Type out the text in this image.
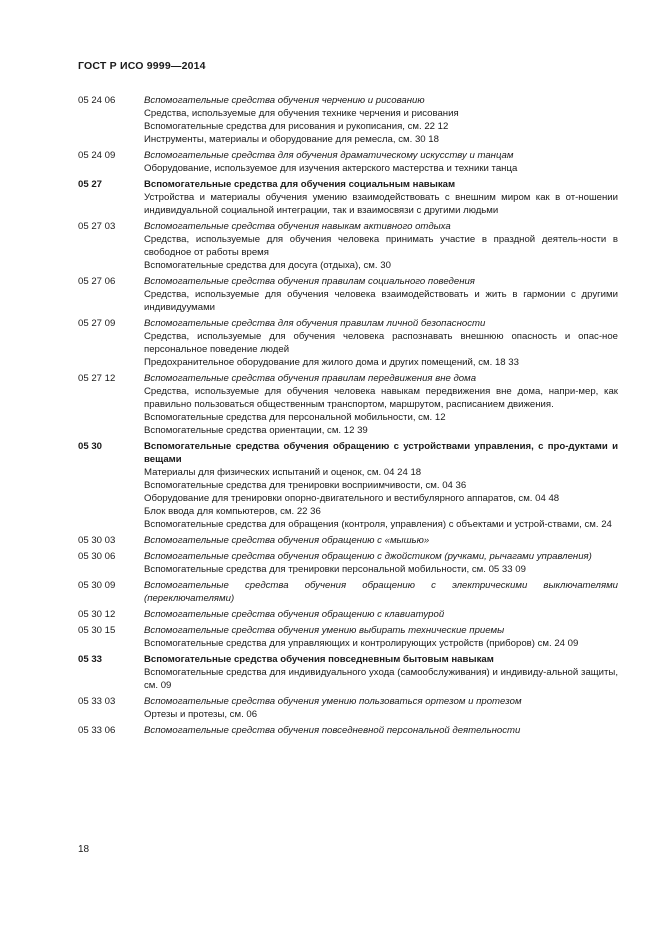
ГОСТ Р ИСО 9999—2014
05 24 06	Вспомогательные средства обучения черчению и рисованию
Средства, используемые для обучения технике черчения и рисования
Вспомогательные средства для рисования и рукописания, см. 22 12
Инструменты, материалы и оборудование для ремесла, см. 30 18
05 24 09	Вспомогательные средства для обучения драматическому искусству и танцам
Оборудование, используемое для изучения актерского мастерства и техники танца
05 27	Вспомогательные средства для обучения социальным навыкам
Устройства и материалы обучения умению взаимодействовать с внешним миром как в от-ношении индивидуальной социальной интеграции, так и взаимосвязи с другими людьми
05 27 03	Вспомогательные средства обучения навыкам активного отдыха
Средства, используемые для обучения человека принимать участие в праздной деятель-ности в свободное от работы время
Вспомогательные средства для досуга (отдыха), см. 30
05 27 06	Вспомогательные средства обучения правилам социального поведения
Средства, используемые для обучения человека взаимодействовать и жить в гармонии с другими индивидуумами
05 27 09	Вспомогательные средства для обучения правилам личной безопасности
Средства, используемые для обучения человека распознавать внешнюю опасность и опас-ное персональное поведение людей
Предохранительное оборудование для жилого дома и других помещений, см. 18 33
05 27 12	Вспомогательные средства обучения правилам передвижения вне дома
Средства, используемые для обучения человека навыкам передвижения вне дома, напри-мер, как правильно пользоваться общественным транспортом, маршрутом, расписанием движения.
Вспомогательные средства для персональной мобильности, см. 12
Вспомогательные средства ориентации, см. 12 39
05 30	Вспомогательные средства обучения обращению с устройствами управления, с про-дуктами и вещами
Материалы для физических испытаний и оценок, см. 04 24 18
Вспомогательные средства для тренировки восприимчивости, см. 04 36
Оборудование для тренировки опорно-двигательного и вестибулярного аппаратов, см. 04 48
Блок ввода для компьютеров, см. 22 36
Вспомогательные средства для обращения (контроля, управления) с объектами и устрой-ствами, см. 24
05 30 03	Вспомогательные средства обучения обращению с «мышью»
05 30 06	Вспомогательные средства обучения обращению с джойстиком (ручками, рычагами управления)
Вспомогательные средства для тренировки персональной мобильности, см. 05 33 09
05 30 09	Вспомогательные средства обучения обращению с электрическими выключателями (переключателями)
05 30 12	Вспомогательные средства обучения обращению с клавиатурой
05 30 15	Вспомогательные средства обучения умению выбирать технические приемы
Вспомогательные средства для управляющих и контролирующих устройств (приборов) см. 24 09
05 33	Вспомогательные средства обучения повседневным бытовым навыкам
Вспомогательные средства для индивидуального ухода (самообслуживания) и индивиду-альной защиты, см. 09
05 33 03	Вспомогательные средства обучения умению пользоваться ортезом и протезом
Ортезы и протезы, см. 06
05 33 06	Вспомогательные средства обучения повседневной персональной деятельности
18
